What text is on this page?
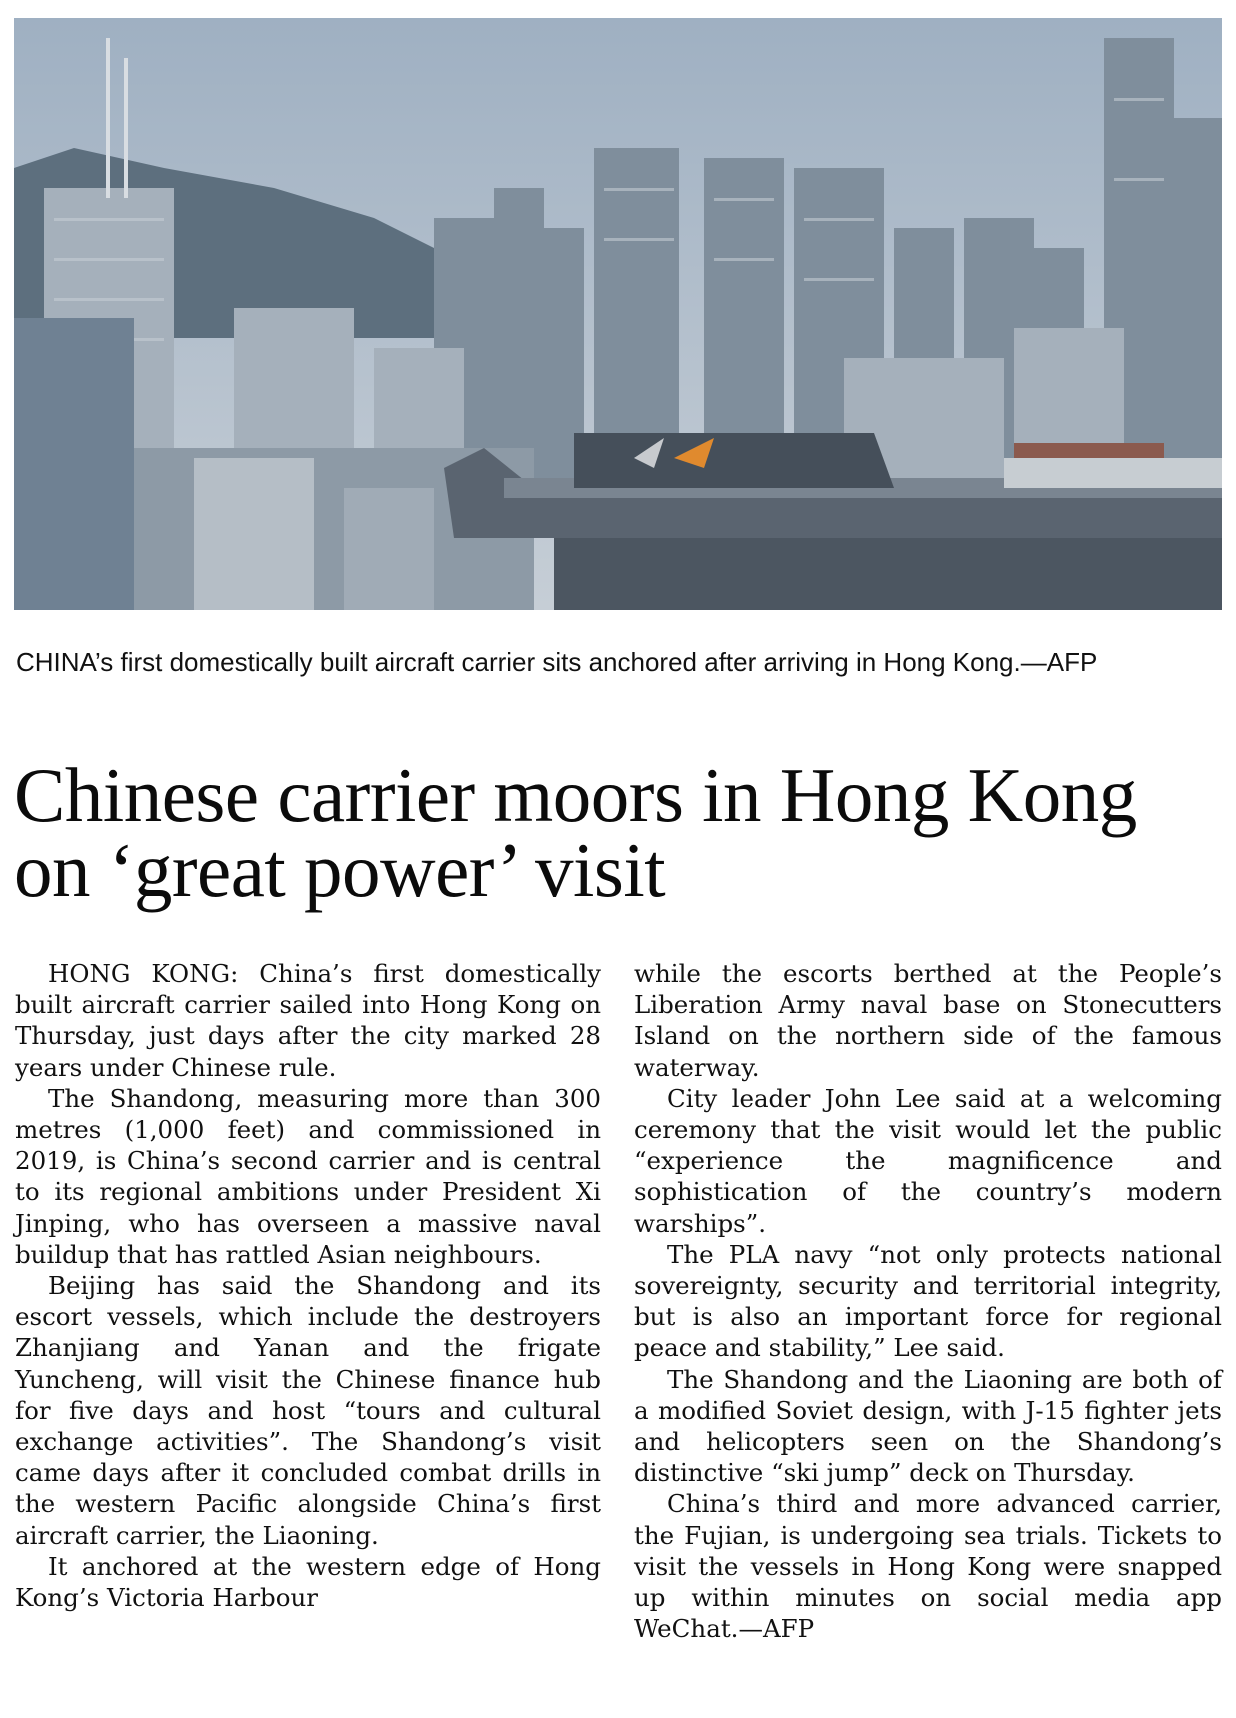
CHINA’s first domestically built aircraft carrier sits anchored after arriving in Hong Kong.—AFP
Chinese carrier moors in Hong Kong on ‘great power’ visit

HONG KONG: China’s first domestically built aircraft carrier sailed into Hong Kong on Thursday, just days after the city marked 28 years under Chinese rule.

The Shandong, measuring more than 300 metres (1,000 feet) and commissioned in 2019, is China’s second carrier and is central to its regional ambitions under President Xi Jinping, who has overseen a massive naval buildup that has rattled Asian neighbours.

Beijing has said the Shandong and its escort vessels, which include the destroyers Zhanjiang and Yanan and the frigate Yuncheng, will visit the Chinese finance hub for five days and host “tours and cultural exchange activities”. The Shandong’s visit came days after it concluded combat drills in the western Pacific alongside China’s first aircraft carrier, the Liaoning.

It anchored at the western edge of Hong Kong’s Victoria Harbour

while the escorts berthed at the People’s Liberation Army naval base on Stonecutters Island on the northern side of the famous waterway.

City leader John Lee said at a welcoming ceremony that the visit would let the public “experience the magnificence and sophistication of the country’s modern warships”.

The PLA navy “not only protects national sovereignty, security and territorial integrity, but is also an important force for regional peace and stability,” Lee said.

The Shandong and the Liaoning are both of a modified Soviet design, with J-15 fighter jets and helicopters seen on the Shandong’s distinctive “ski jump” deck on Thursday.

China’s third and more advanced carrier, the Fujian, is undergoing sea trials. Tickets to visit the vessels in Hong Kong were snapped up within minutes on social media app WeChat.—AFP
